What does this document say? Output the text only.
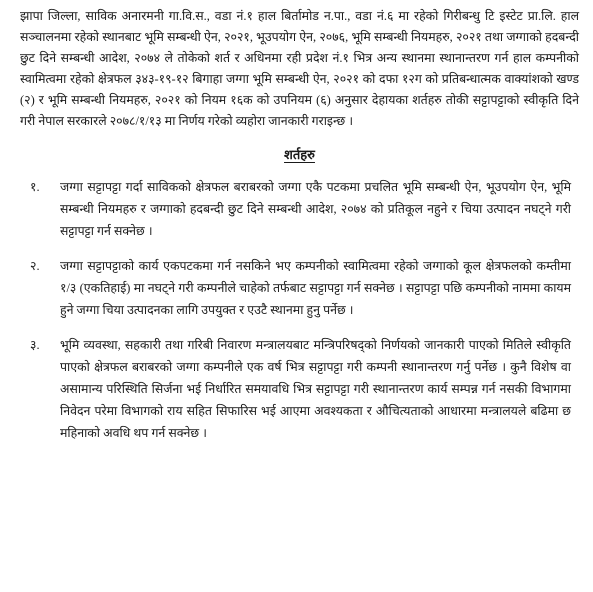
झापा जिल्ला, साविक अनारमनी गा.वि.स., वडा नं.१ हाल बिर्तामोड न.पा., वडा नं.६ मा रहेको गिरीबन्धु टि इस्टेट प्रा.लि. हाल सञ्चालनमा रहेको स्थानबाट भूमि सम्बन्धी ऐन, २०२१, भूउपयोग ऐन, २०७६, भूमि सम्बन्धी नियमहरु, २०२१ तथा जग्गाको हदबन्दी छुट दिने सम्बन्धी आदेश, २०७४ ले तोकेको शर्त र अधिनमा रही प्रदेश नं.१ भित्र अन्य स्थानमा स्थानान्तरण गर्न हाल कम्पनीको स्वामित्वमा रहेको क्षेत्रफल ३४३-१९-१२ बिगाहा जग्गा भूमि सम्बन्धी ऐन, २०२१ को दफा १२ग को प्रतिबन्धात्मक वाक्यांशको खण्ड (२) र भूमि सम्बन्धी नियमहरु, २०२१ को नियम १६क को उपनियम (६) अनुसार देहायका शर्तहरु तोकी सट्टापट्टाको स्वीकृति दिने गरी नेपाल सरकारले २०७८/१/१३ मा निर्णय गरेको व्यहोरा जानकारी गराइन्छ ।

शर्तहरु
१.	जग्गा सट्टापट्टा गर्दा साविकको क्षेत्रफल बराबरको जग्गा एकै पटकमा प्रचलित भूमि सम्बन्धी ऐन, भूउपयोग ऐन, भूमि सम्बन्धी नियमहरु र जग्गाको हदबन्दी छुट दिने सम्बन्धी आदेश, २०७४ को प्रतिकूल नहुने र चिया उत्पादन नघट्ने गरी सट्टापट्टा गर्न सक्नेछ ।

२.	जग्गा सट्टापट्टाको कार्य एकपटकमा गर्न नसकिने भए कम्पनीको स्वामित्वमा रहेको जग्गाको कूल क्षेत्रफलको कम्तीमा १/३ (एकतिहाई) मा नघट्ने गरी कम्पनीले चाहेको तर्फबाट सट्टापट्टा गर्न सक्नेछ । सट्टापट्टा पछि कम्पनीको नाममा कायम हुने जग्गा चिया उत्पादनका लागि उपयुक्त र एउटै स्थानमा हुनु पर्नेछ ।

३.	भूमि व्यवस्था, सहकारी तथा गरिबी निवारण मन्त्रालयबाट मन्त्रिपरिषद्को निर्णयको जानकारी पाएको मितिले स्वीकृति पाएको क्षेत्रफल बराबरको जग्गा कम्पनीले एक वर्ष भित्र सट्टापट्टा गरी कम्पनी स्थानान्तरण गर्नु पर्नेछ । कुनै विशेष वा असामान्य परिस्थिति सिर्जना भई निर्धारित समयावधि भित्र सट्टापट्टा गरी स्थानान्तरण कार्य सम्पन्न गर्न नसकी विभागमा निवेदन परेमा विभागको राय सहित सिफारिस भई आएमा अवश्यकता र औचित्यताको आधारमा मन्त्रालयले बढिमा छ महिनाको अवधि थप गर्न सक्नेछ ।
